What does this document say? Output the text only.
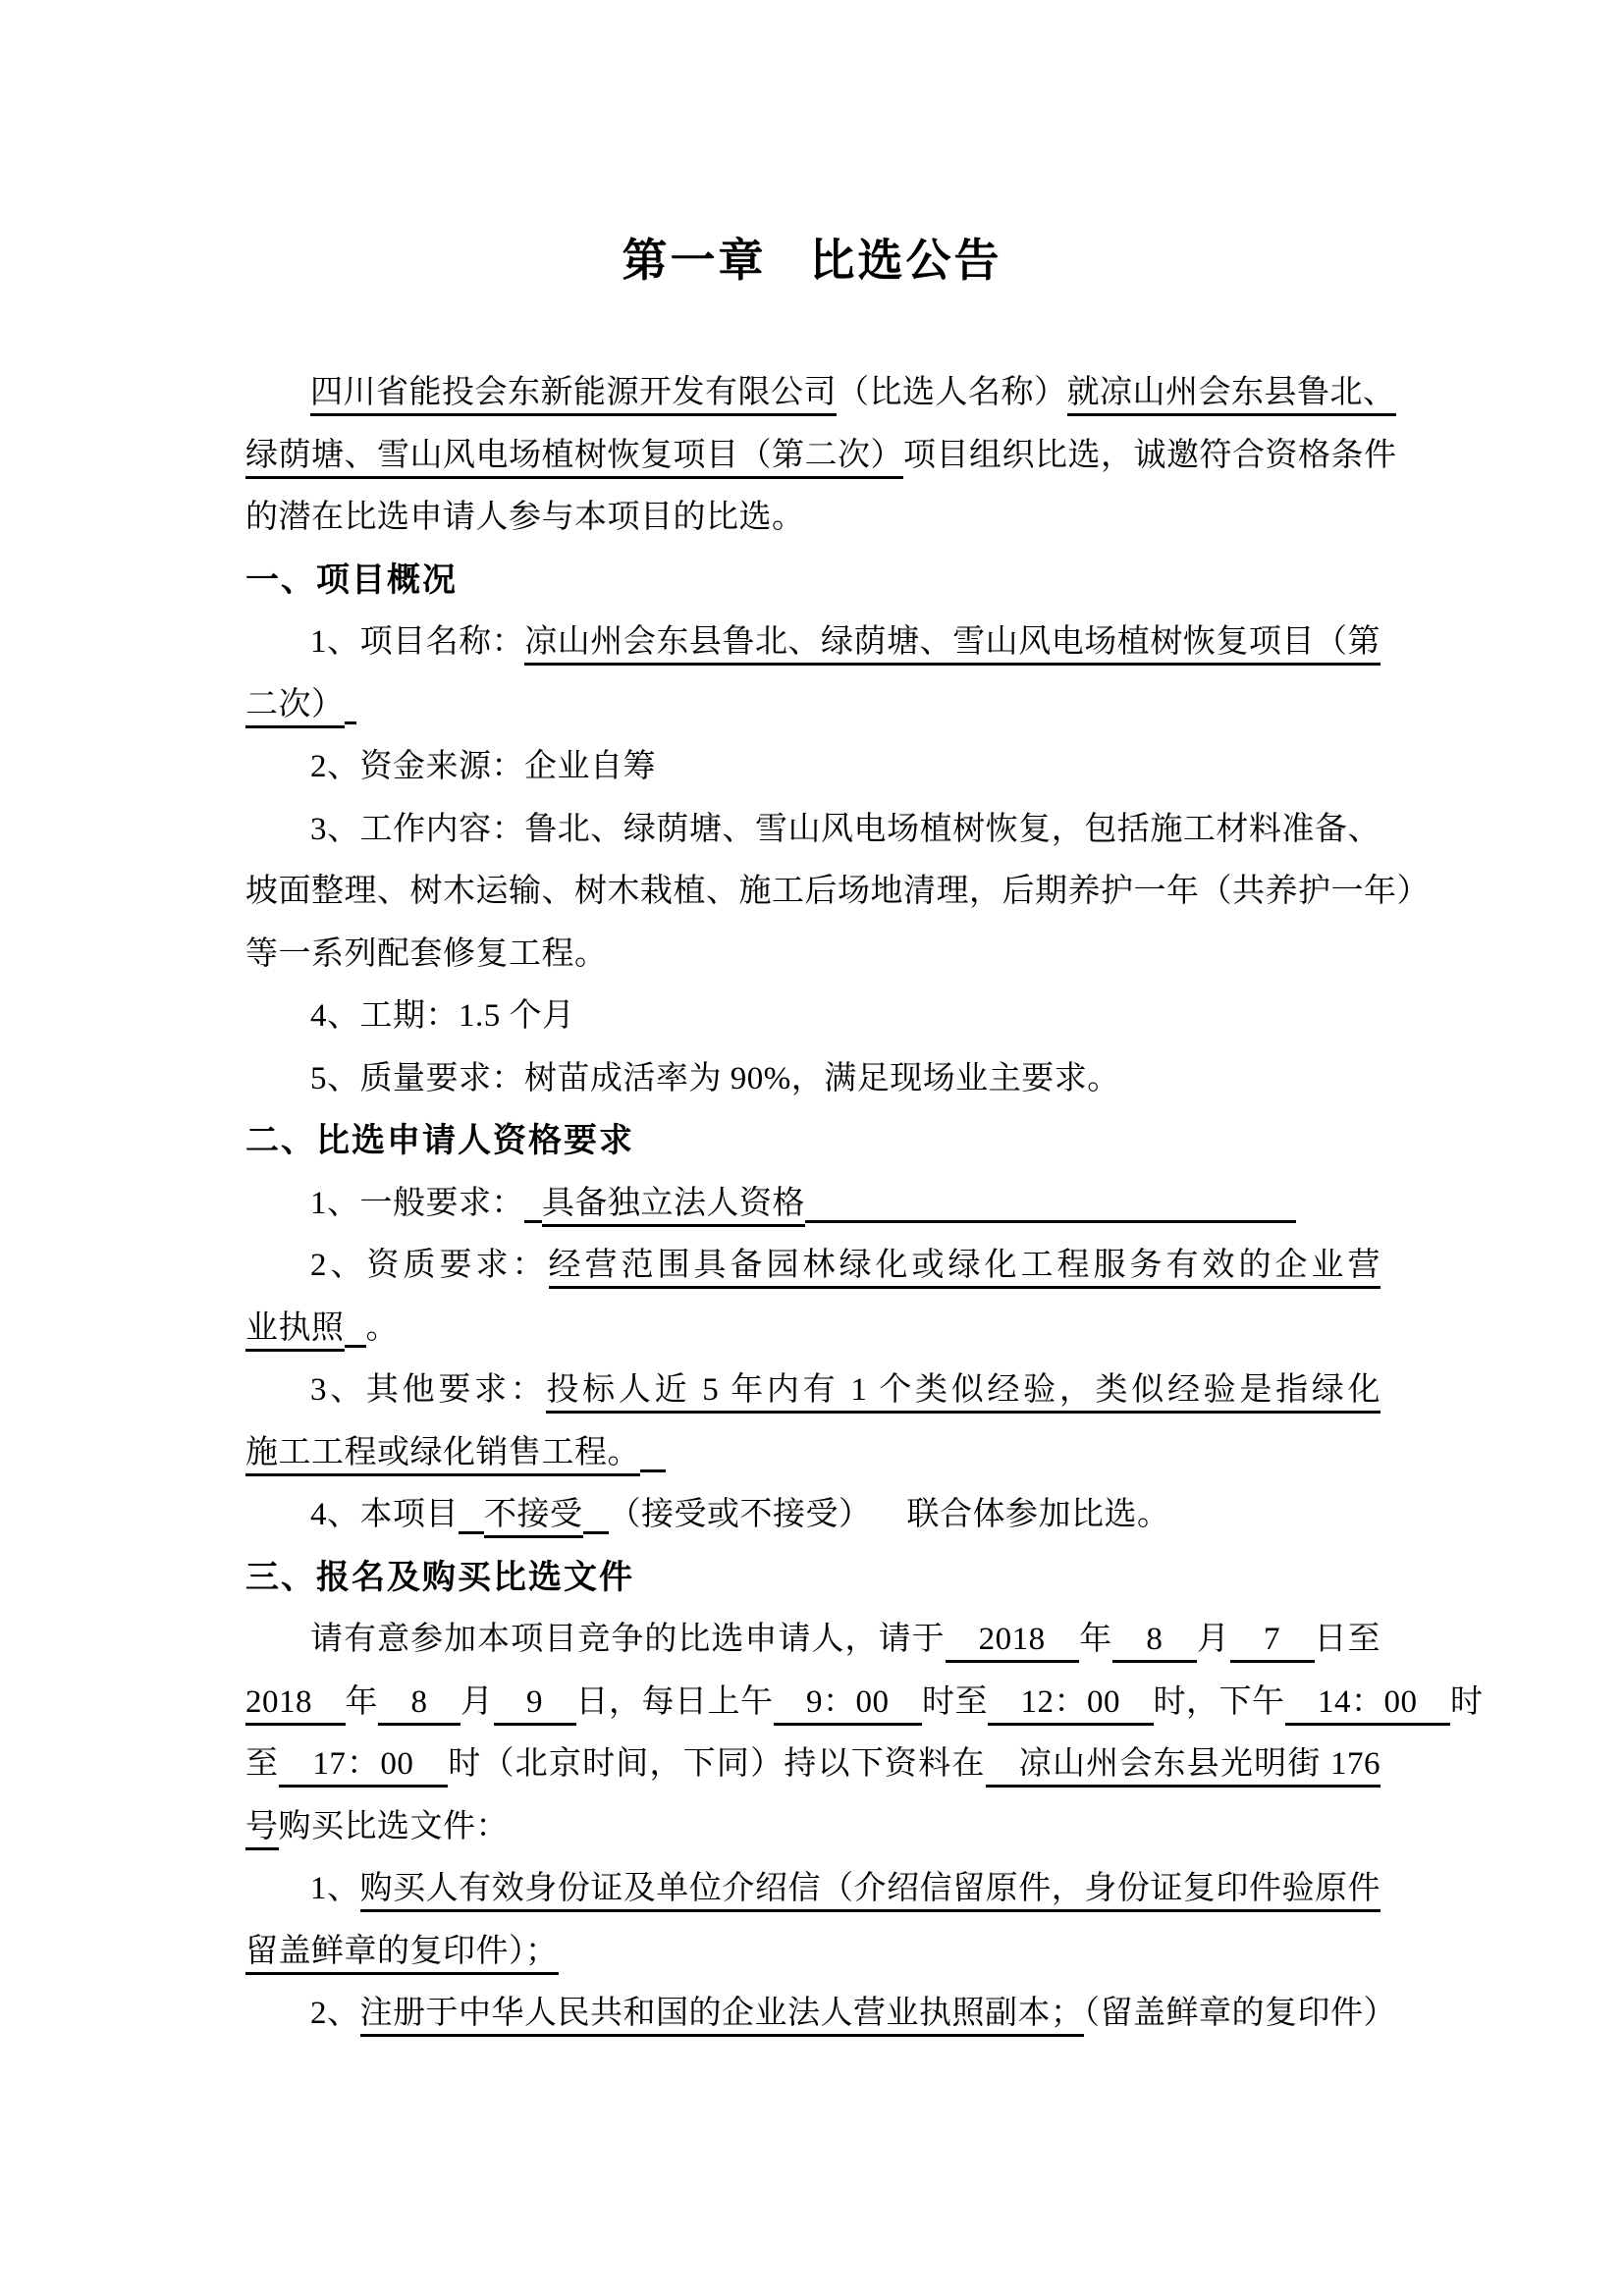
第一章 比选公告
四川省能投会东新能源开发有限公司（比选人名称）就凉山州会东县鲁北、
绿荫塘、雪山风电场植树恢复项目（第二次）项目组织比选，诚邀符合资格条件
的潜在比选申请人参与本项目的比选。
一、项目概况
1、项目名称：凉山州会东县鲁北、绿荫塘、雪山风电场植树恢复项目（第
二次）
2、资金来源：企业自筹
3、工作内容：鲁北、绿荫塘、雪山风电场植树恢复，包括施工材料准备、
坡面整理、树木运输、树木栽植、施工后场地清理，后期养护一年（共养护一年）
等一系列配套修复工程。
4、工期：1.5 个月
5、质量要求：树苗成活率为 90%，满足现场业主要求。
二、比选申请人资格要求
1、一般要求： 具备独立法人资格
2、资质要求：经营范围具备园林绿化或绿化工程服务有效的企业营
业执照 。
3、其他要求：投标人近 5 年内有 1 个类似经验，类似经验是指绿化
施工工程或绿化销售工程。
4、本项目 不接受 （接受或不接受） 联合体参加比选。
三、报名及购买比选文件
请有意参加本项目竞争的比选申请人，请于　2018　年　8　月　7　日至
2018　年　8　月　9　日，每日上午　9：00　时至　12：00　时，下午　14：00　时
至　17：00　时（北京时间，下同）持以下资料在　凉山州会东县光明街 176
号购买比选文件：
1、购买人有效身份证及单位介绍信（介绍信留原件，身份证复印件验原件
留盖鲜章的复印件）；
2、注册于中华人民共和国的企业法人营业执照副本；（留盖鲜章的复印件）
